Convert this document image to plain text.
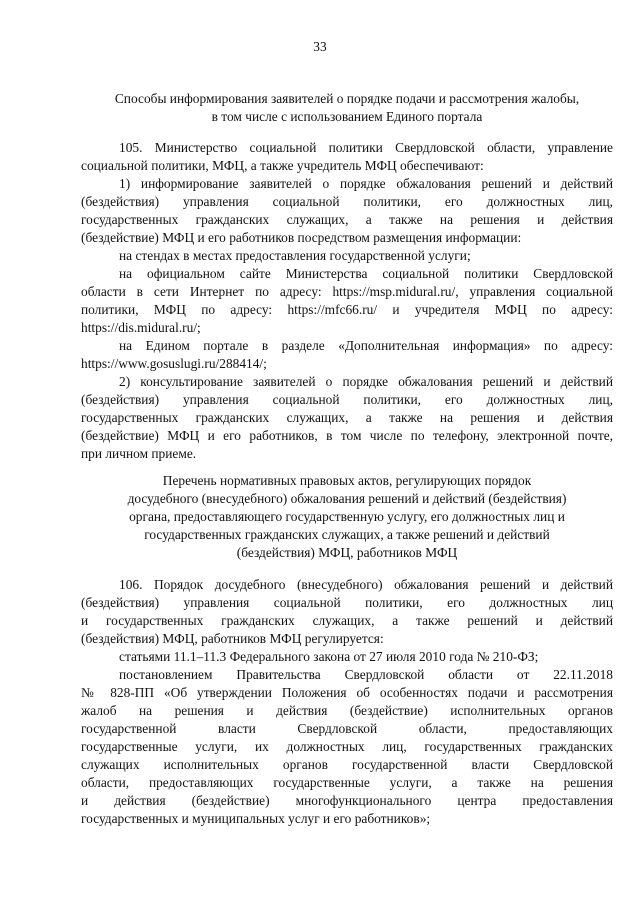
33

Способы информирования заявителей о порядке подачи и рассмотрения жалобы,

в том числе с использованием Единого портала

105. Министерство социальной политики Свердловской области, управление

социальной политики, МФЦ, а также учредитель МФЦ обеспечивают:

1) информирование заявителей о порядке обжалования решений и действий

(бездействия) управления социальной политики, его должностных лиц,

государственных гражданских служащих, а также на решения и действия

(бездействие) МФЦ и его работников посредством размещения информации:

на стендах в местах предоставления государственной услуги;

на официальном сайте Министерства социальной политики Свердловской

области в сети Интернет по адресу: https://msp.midural.ru/, управления социальной

политики, МФЦ по адресу: https://mfc66.ru/ и учредителя МФЦ по адресу:

https://dis.midural.ru/;

на Едином портале в разделе «Дополнительная информация» по адресу:

https://www.gosuslugi.ru/288414/;

2) консультирование заявителей о порядке обжалования решений и действий

(бездействия) управления социальной политики, его должностных лиц,

государственных гражданских служащих, а также на решения и действия

(бездействие) МФЦ и его работников, в том числе по телефону, электронной почте,

при личном приеме.

Перечень нормативных правовых актов, регулирующих порядок

досудебного (внесудебного) обжалования решений и действий (бездействия)

органа, предоставляющего государственную услугу, его должностных лиц и

государственных гражданских служащих, а также решений и действий

(бездействия) МФЦ, работников МФЦ

106. Порядок досудебного (внесудебного) обжалования решений и действий

(бездействия) управления социальной политики, его должностных лиц

и государственных гражданских служащих, а также решений и действий

(бездействия) МФЦ, работников МФЦ регулируется:

статьями 11.1–11.3 Федерального закона от 27 июля 2010 года № 210-ФЗ;

постановлением Правительства Свердловской области от 22.11.2018

№ 828-ПП «Об утверждении Положения об особенностях подачи и рассмотрения

жалоб на решения и действия (бездействие) исполнительных органов

государственной власти Свердловской области, предоставляющих

государственные услуги, их должностных лиц, государственных гражданских

служащих исполнительных органов государственной власти Свердловской

области, предоставляющих государственные услуги, а также на решения

и действия (бездействие) многофункционального центра предоставления

государственных и муниципальных услуг и его работников»;
